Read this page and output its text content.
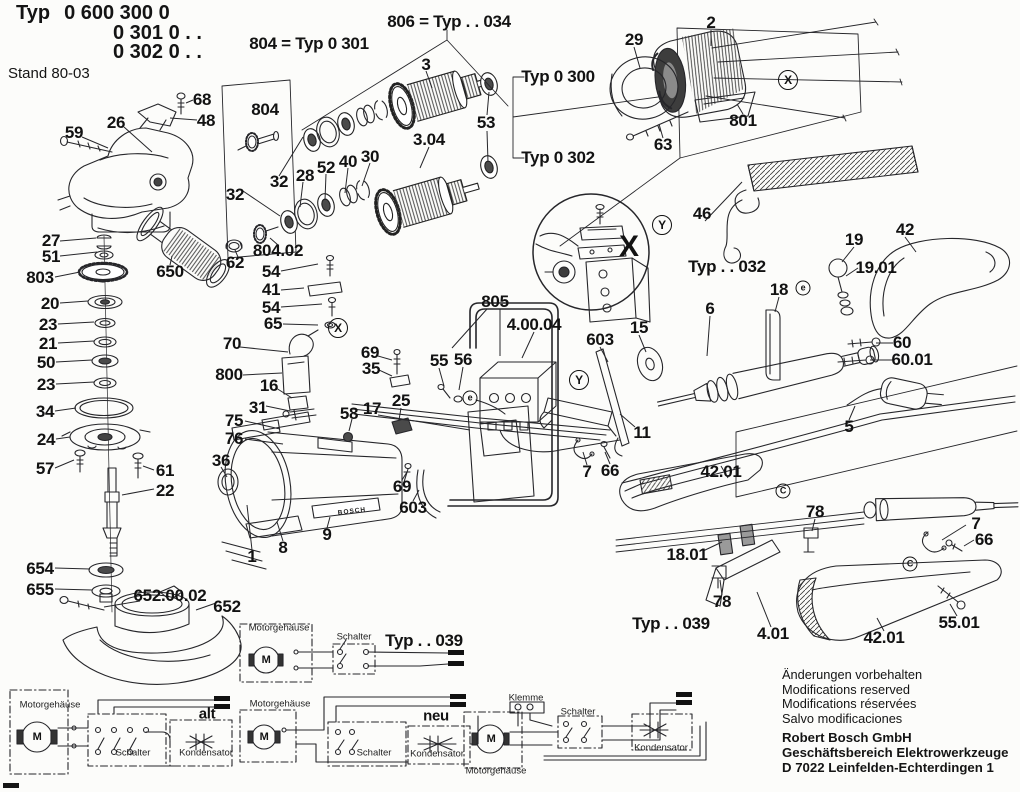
Typ 0 600 300 0
0 301 0 . .
0 302 0 . .
Stand 80-03
68
48
59
26
27
51
803
20
23
21
50
23
34
24
57	61
22
654
655	652.00.02
652
650
804
32
32 28 52 40 30
804.02
62 54
41
54
65
70
800
16
31
75
76
36
1 8
9
58 17 25
69
35
69
603
55 56
805
4.00.04
603
15
6
11
7 66
3
3.04
53
29
2
801
63
46
19
19.01
42
18
60
60.01
5
42.01
78
7
66
18.01
78
4.01	42.01
55.01
804 = Typ 0 301
806 = Typ . . 034
Typ 0 300
Typ 0 302
Typ . . 032
Typ . . 039
Typ . . 039
X
X
Y
Y
X
e
e
C
C
Motorgehäuse
alt
Schalter	Kondensator
Motorgehäuse
Schalter
Motorgehäuse
neu
Schalter Kondensator
Klemme
Schalter
Kondensator
Motorgehäuse
M
M
M	M
BOSCH
Änderungen vorbehalten
Modifications reserved
Modifications réservées
Salvo modificaciones
Robert Bosch GmbH
Geschäftsbereich Elektrowerkzeuge
D 7022 Leinfelden-Echterdingen 1
